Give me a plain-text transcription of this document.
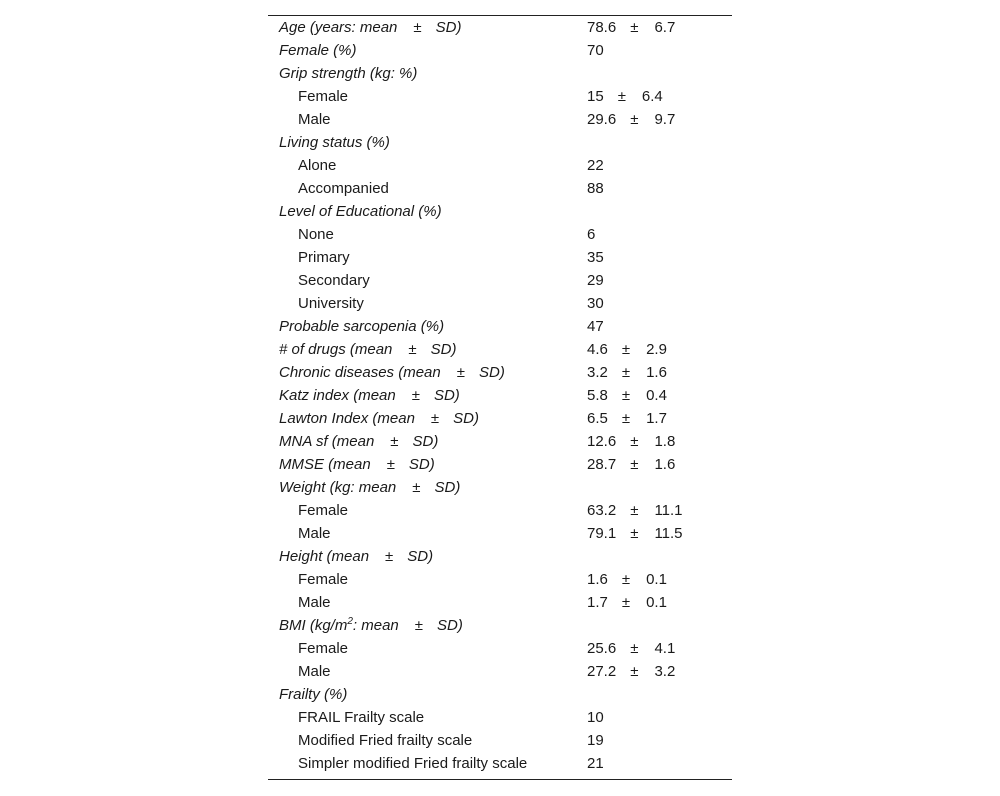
Age (years: mean ± SD)	78.6 ± 6.7
Female (%)	70
Grip strength (kg: %)
Female	15 ± 6.4
Male	29.6 ± 9.7
Living status (%)
Alone	22
Accompanied	88
Level of Educational (%)
None	6
Primary	35
Secondary	29
University	30
Probable sarcopenia (%)	47
# of drugs (mean ± SD)	4.6 ± 2.9
Chronic diseases (mean ± SD)	3.2 ± 1.6
Katz index (mean ± SD)	5.8 ± 0.4
Lawton Index (mean ± SD)	6.5 ± 1.7
MNA sf (mean ± SD)	12.6 ± 1.8
MMSE (mean ± SD)	28.7 ± 1.6
Weight (kg: mean ± SD)
Female	63.2 ± 11.1
Male	79.1 ± 11.5
Height (mean ± SD)
Female	1.6 ± 0.1
Male	1.7 ± 0.1
BMI ($kg/m^2$: mean ± SD)
Female	25.6 ± 4.1
Male	27.2 ± 3.2
Frailty (%)
FRAIL Frailty scale	10
Modified Fried frailty scale	19
Simpler modified Fried frailty scale	21
